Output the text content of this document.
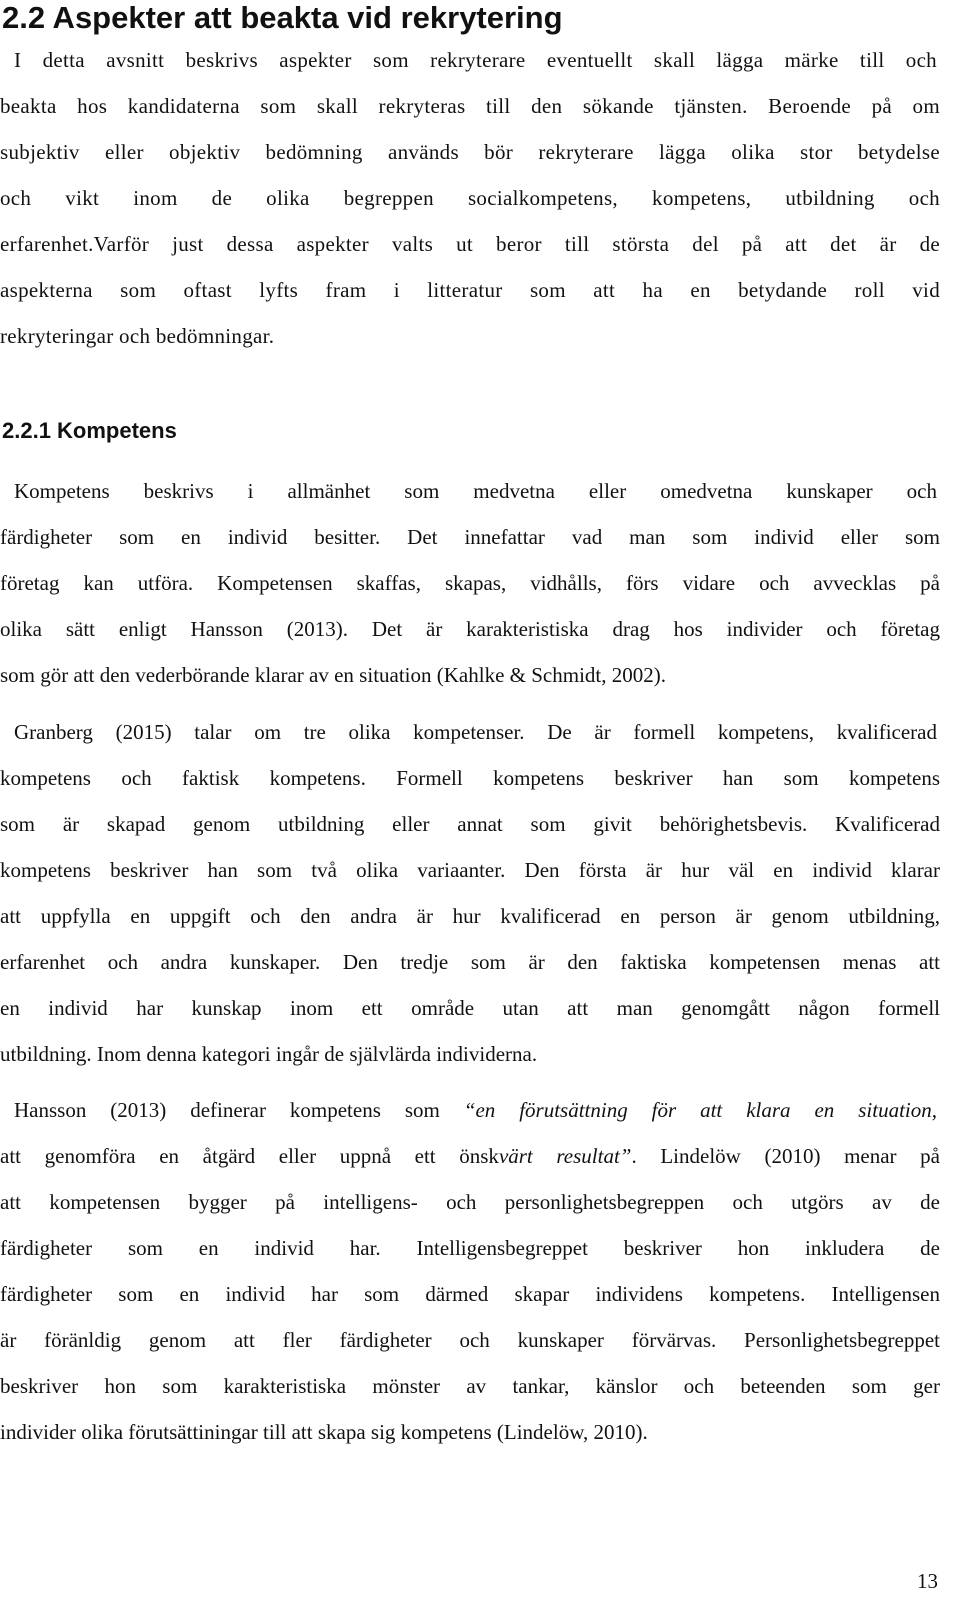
2.2 Aspekter att beakta vid rekrytering
I detta avsnitt beskrivs aspekter som rekryterare eventuellt skall lägga märke till och
beakta hos kandidaterna som skall rekryteras till den sökande tjänsten. Beroende på om
subjektiv eller objektiv bedömning används bör rekryterare lägga olika stor betydelse
och vikt inom de olika begreppen socialkompetens, kompetens, utbildning och
erfarenhet.Varför just dessa aspekter valts ut beror till största del på att det är de
aspekterna som oftast lyfts fram i litteratur som att ha en betydande roll vid
rekryteringar och bedömningar.
2.2.1 Kompetens
Kompetens beskrivs i allmänhet som medvetna eller omedvetna kunskaper och
färdigheter som en individ besitter. Det innefattar vad man som individ eller som
företag kan utföra. Kompetensen skaffas, skapas, vidhålls, förs vidare och avvecklas på
olika sätt enligt Hansson (2013). Det är karakteristiska drag hos individer och företag
som gör att den vederbörande klarar av en situation (Kahlke & Schmidt, 2002).
Granberg (2015) talar om tre olika kompetenser. De är formell kompetens, kvalificerad
kompetens och faktisk kompetens. Formell kompetens beskriver han som kompetens
som är skapad genom utbildning eller annat som givit behörighetsbevis. Kvalificerad
kompetens beskriver han som två olika variaanter. Den första är hur väl en individ klarar
att uppfylla en uppgift och den andra är hur kvalificerad en person är genom utbildning,
erfarenhet och andra kunskaper. Den tredje som är den faktiska kompetensen menas att
en individ har kunskap inom ett område utan att man genomgått någon formell
utbildning. Inom denna kategori ingår de självlärda individerna.
Hansson (2013) definerar kompetens som “en förutsättning för att klara en situation,
att genomföra en åtgärd eller uppnå ett önskvärt resultat”. Lindelöw (2010) menar på
att kompetensen bygger på intelligens- och personlighetsbegreppen och utgörs av de
färdigheter som en individ har. Intelligensbegreppet beskriver hon inkludera de
färdigheter som en individ har som därmed skapar individens kompetens. Intelligensen
är föränldig genom att fler färdigheter och kunskaper förvärvas. Personlighetsbegreppet
beskriver hon som karakteristiska mönster av tankar, känslor och beteenden som ger
individer olika förutsättiningar till att skapa sig kompetens (Lindelöw, 2010).
13
